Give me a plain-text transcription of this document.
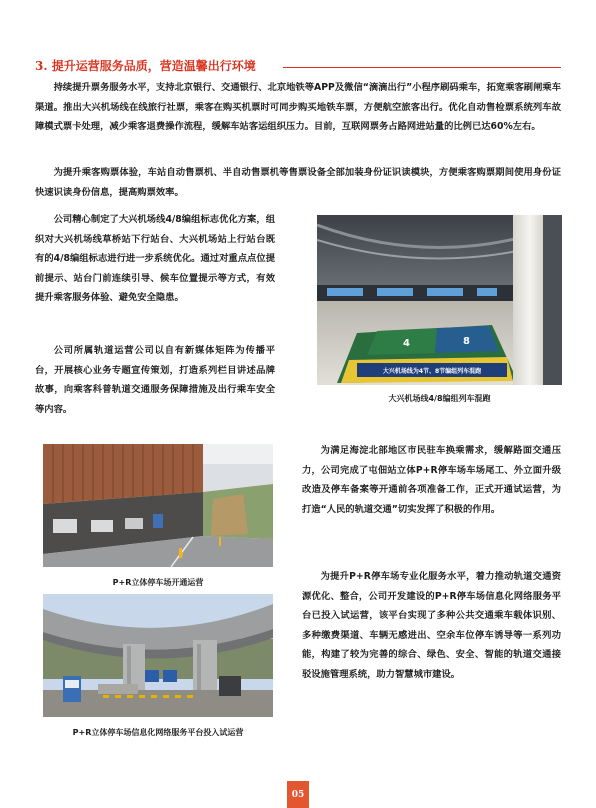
3. 提升运营服务品质，营造温馨出行环境

持续提升票务服务水平，支持北京银行、交通银行、北京地铁等APP及微信“滴滴出行”小程序刷码乘车，拓宽乘客刷闸乘车渠道。推出大兴机场线在线旅行社票，乘客在购买机票时可同步购买地铁车票，方便航空旅客出行。优化自动售检票系统列车故障模式票卡处理，减少乘客退费操作流程，缓解车站客运组织压力。目前，互联网票务占路网进站量的比例已达60%左右。

为提升乘客购票体验，车站自动售票机、半自动售票机等售票设备全部加装身份证识读模块，方便乘客购票期间使用身份证快速识读身份信息，提高购票效率。

公司精心制定了大兴机场线4/8编组标志优化方案，组织对大兴机场线草桥站下行站台、大兴机场站上行站台既有的4/8编组标志进行进一步系统优化。通过对重点点位提前提示、站台门前连续引导、候车位置提示等方式，有效提升乘客服务体验、避免安全隐患。

公司所属轨道运营公司以自有新媒体矩阵为传播平台，开展核心业务专题宣传策划，打造系列栏目讲述品牌故事，向乘客科普轨道交通服务保障措施及出行乘车安全等内容。

4	8
大兴机场线为4节、8节编组列车混跑
大兴机场线4/8编组列车混跑
P+R立体停车场开通运营
P+R立体停车场信息化网络服务平台投入试运营

为满足海淀北部地区市民驻车换乘需求，缓解路面交通压力，公司完成了屯佃站立体P+R停车场车场尾工、外立面升级改造及停车备案等开通前各项准备工作，正式开通试运营，为打造“人民的轨道交通”切实发挥了积极的作用。

为提升P+R停车场专业化服务水平，着力推动轨道交通资源优化、整合，公司开发建设的P+R停车场信息化网络服务平台已投入试运营，该平台实现了多种公共交通乘车载体识别、多种缴费渠道、车辆无感进出、空余车位停车诱导等一系列功能，构建了较为完善的综合、绿色、安全、智能的轨道交通接驳设施管理系统，助力智慧城市建设。

05
